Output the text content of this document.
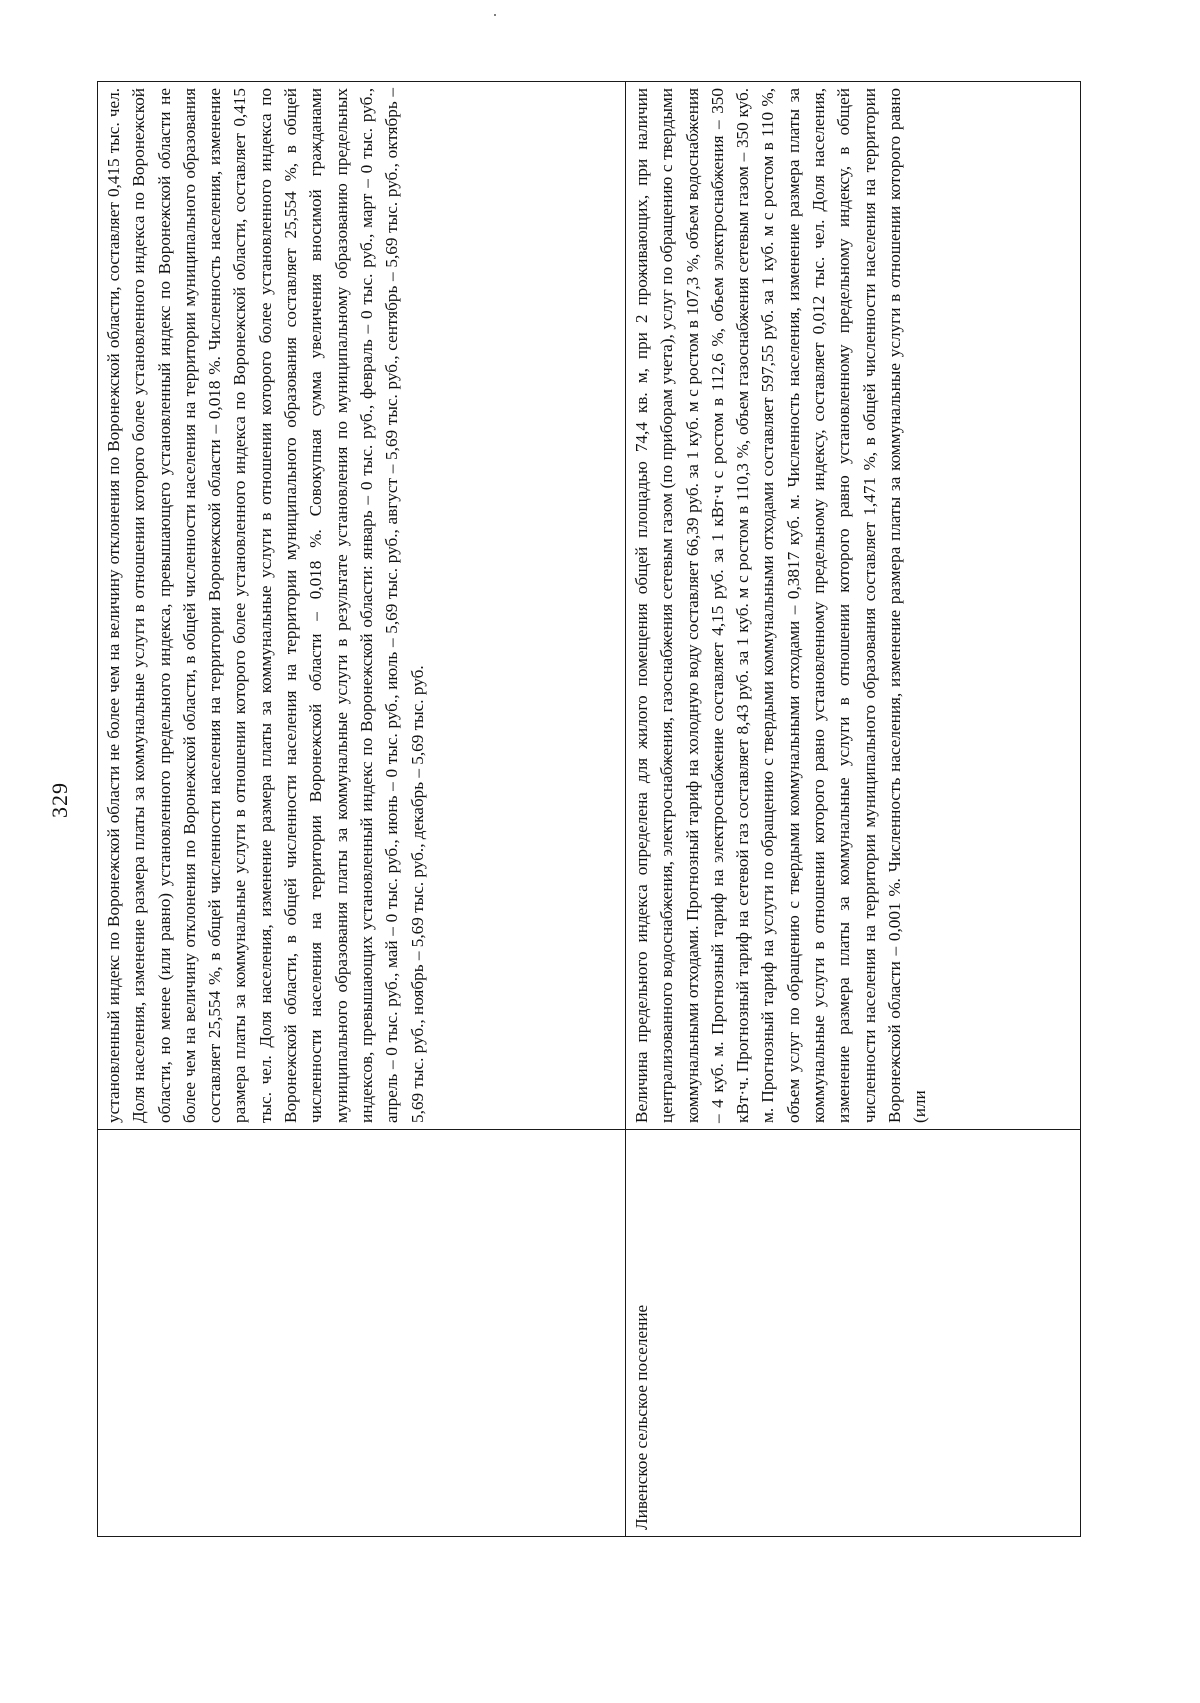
329
	установленный индекс по Воронежской области не более чем на величину отклонения по Воронежской области, составляет 0,415 тыс. чел. Доля населения, изменение размера платы за коммунальные услуги в отношении которого более установленного индекса по Воронежской области, но менее (или равно) установленного предельного индекса, превышающего установленный индекс по Воронежской области не более чем на величину отклонения по Воронежской области, в общей численности населения на территории муниципального образования составляет 25,554 %, в общей численности населения на территории Воронежской области – 0,018 %. Численность населения, изменение размера платы за коммунальные услуги в отношении которого более установленного индекса по Воронежской области, составляет 0,415 тыс. чел. Доля населения, изменение размера платы за коммунальные услуги в отношении которого более установленного индекса по Воронежской области, в общей численности населения на территории муниципального образования составляет 25,554 %, в общей численности населения на территории Воронежской области – 0,018 %. Совокупная сумма увеличения вносимой гражданами муниципального образования платы за коммунальные услуги в результате установления по муниципальному образованию предельных индексов, превышающих установленный индекс по Воронежской области: январь – 0 тыс. руб., февраль – 0 тыс. руб., март – 0 тыс. руб., апрель – 0 тыс. руб., май – 0 тыс. руб., июнь – 0 тыс. руб., июль – 5,69 тыс. руб., август – 5,69 тыс. руб., сентябрь – 5,69 тыс. руб., октябрь – 5,69 тыс. руб., ноябрь – 5,69 тыс. руб., декабрь – 5,69 тыс. руб.
Ливенское сельское поселение	Величина предельного индекса определена для жилого помещения общей площадью 74,4 кв. м, при 2 проживающих, при наличии централизованного водоснабжения, электроснабжения, газоснабжения сетевым газом (по приборам учета), услуг по обращению с твердыми коммунальными отходами. Прогнозный тариф на холодную воду составляет 66,39 руб. за 1 куб. м с ростом в 107,3 %, объем водоснабжения – 4 куб. м. Прогнозный тариф на электроснабжение составляет 4,15 руб. за 1 кВт·ч с ростом в 112,6 %, объем электроснабжения – 350 кВт·ч. Прогнозный тариф на сетевой газ составляет 8,43 руб. за 1 куб. м с ростом в 110,3 %, объем газоснабжения сетевым газом – 350 куб. м. Прогнозный тариф на услуги по обращению с твердыми коммунальными отходами составляет 597,55 руб. за 1 куб. м с ростом в 110 %, объем услуг по обращению с твердыми коммунальными отходами – 0,3817 куб. м. Численность населения, изменение размера платы за коммунальные услуги в отношении которого равно установленному предельному индексу, составляет 0,012 тыс. чел. Доля населения, изменение размера платы за коммунальные услуги в отношении которого равно установленному предельному индексу, в общей численности населения на территории муниципального образования составляет 1,471 %, в общей численности населения на территории Воронежской области – 0,001 %. Численность населения, изменение размера платы за коммунальные услуги в отношении которого равно (или
